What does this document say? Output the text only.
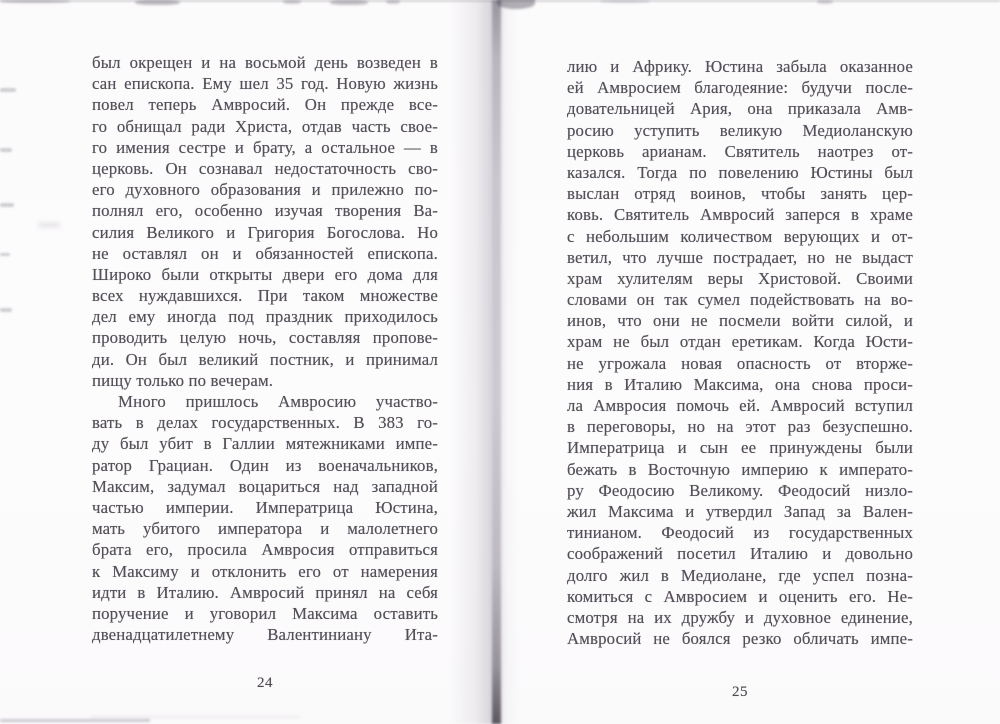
был окрещен и на восьмой день возведен в
сан епископа. Ему шел 35 год. Новую жизнь
повел теперь Амвросий. Он прежде все-
го обнищал ради Христа, отдав часть свое-
го имения сестре и брату, а остальное — в
церковь. Он сознавал недостаточность сво-
его духовного образования и прилежно по-
полнял его, особенно изучая творения Ва-
силия Великого и Григория Богослова. Но
не оставлял он и обязанностей епископа.
Широко были открыты двери его дома для
всех нуждавшихся. При таком множестве
дел ему иногда под праздник приходилось
проводить целую ночь, составляя пропове-
ди. Он был великий постник, и принимал
пищу только по вечерам.
Много пришлось Амвросию участво-
вать в делах государственных. В 383 го-
ду был убит в Галлии мятежниками импе-
ратор Грациан. Один из военачальников,
Максим, задумал воцариться над западной
частью империи. Императрица Юстина,
мать убитого императора и малолетнего
брата его, просила Амвросия отправиться
к Максиму и отклонить его от намерения
идти в Италию. Амвросий принял на себя
поручение и уговорил Максима оставить
двенадцатилетнему Валентиниану Ита-
24
лию и Африку. Юстина забыла оказанное
ей Амвросием благодеяние: будучи после-
довательницей Ария, она приказала Амв-
росию уступить великую Медиоланскую
церковь арианам. Святитель наотрез от-
казался. Тогда по повелению Юстины был
выслан отряд воинов, чтобы занять цер-
ковь. Святитель Амвросий заперся в храме
с небольшим количеством верующих и от-
ветил, что лучше пострадает, но не выдаст
храм хулителям веры Христовой. Своими
словами он так сумел подействовать на во-
инов, что они не посмели войти силой, и
храм не был отдан еретикам. Когда Юсти-
не угрожала новая опасность от вторже-
ния в Италию Максима, она снова проси-
ла Амвросия помочь ей. Амвросий вступил
в переговоры, но на этот раз безуспешно.
Императрица и сын ее принуждены были
бежать в Восточную империю к императо-
ру Феодосию Великому. Феодосий низло-
жил Максима и утвердил Запад за Вален-
тинианом. Феодосий из государственных
соображений посетил Италию и довольно
долго жил в Медиолане, где успел позна-
комиться с Амвросием и оценить его. Не-
смотря на их дружбу и духовное единение,
Амвросий не боялся резко обличать импе-
25
